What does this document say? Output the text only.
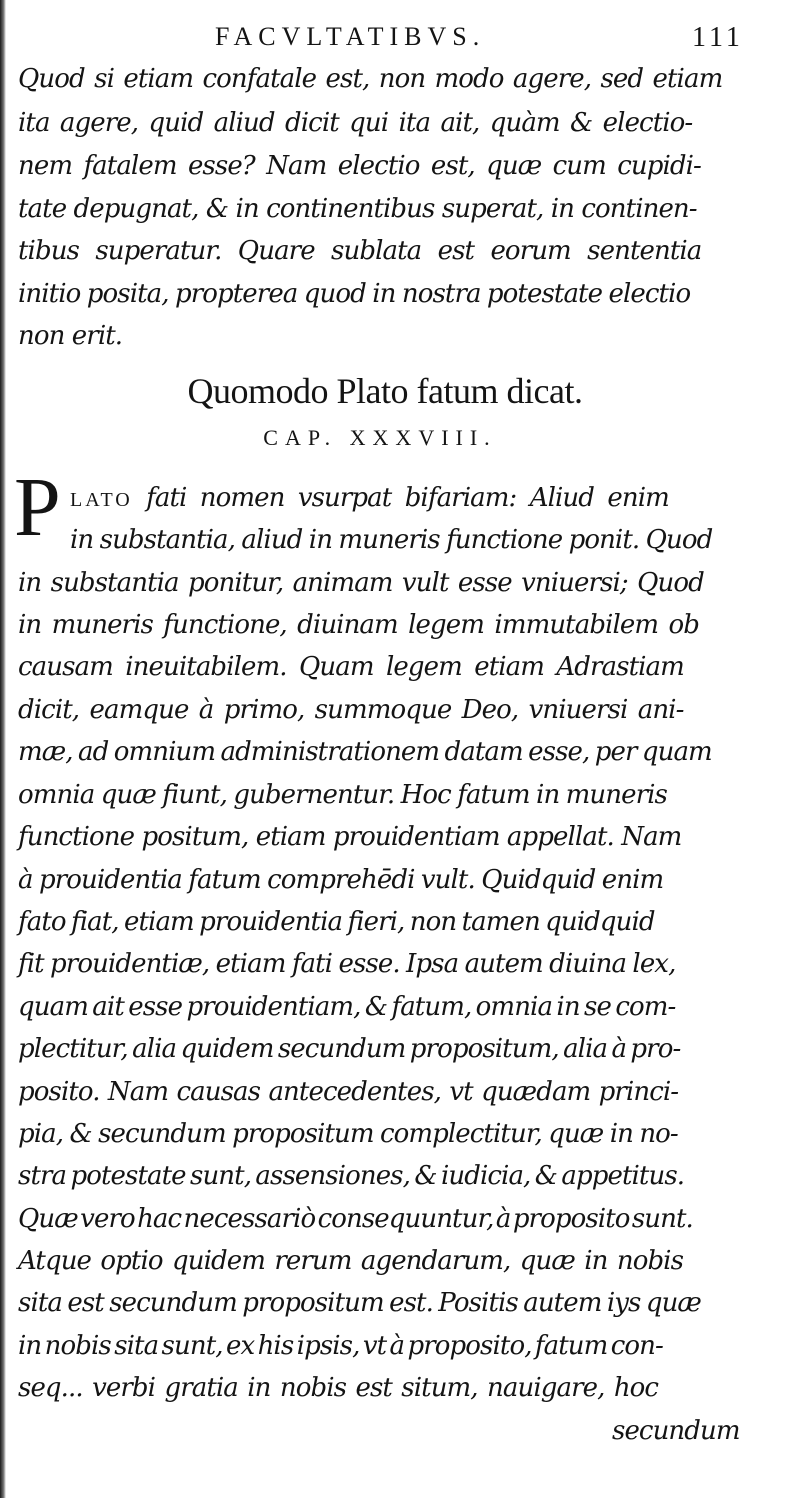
FACVLTATIBVS.	111
Quod si etiam confatale est, non modo agere, sed etiam
ita agere, quid aliud dicit qui ita ait, quàm & electio-
nem fatalem esse? Nam electio est, quæ cum cupidi-
tate depugnat, & in continentibus superat, in continen-
tibus superatur. Quare sublata est eorum sententia
initio posita, propterea quod in nostra potestate electio
non erit.
Quomodo Plato fatum dicat.
CAP. XXXVIII.
P LATO fati nomen vsurpat bifariam: Aliud enim
in substantia, aliud in muneris functione ponit. Quod
in substantia ponitur, animam vult esse vniuersi; Quod
in muneris functione, diuinam legem immutabilem ob
causam ineuitabilem. Quam legem etiam Adrastiam
dicit, eamque à primo, summoque Deo, vniuersi ani-
mæ, ad omnium administrationem datam esse, per quam
omnia quæ fiunt, gubernentur. Hoc fatum in muneris
functione positum, etiam prouidentiam appellat. Nam
à prouidentia fatum comprehēdi vult. Quidquid enim
fato fiat, etiam prouidentia fieri, non tamen quidquid
fit prouidentiæ, etiam fati esse. Ipsa autem diuina lex,
quam ait esse prouidentiam, & fatum, omnia in se com-
plectitur, alia quidem secundum propositum, alia à pro-
posito. Nam causas antecedentes, vt quædam princi-
pia, & secundum propositum complectitur, quæ in no-
stra potestate sunt, assensiones, & iudicia, & appetitus.
Quæ vero hac necessariò consequuntur, à proposito sunt.
Atque optio quidem rerum agendarum, quæ in nobis
sita est secundum propositum est. Positis autem iys quæ
in nobis sita sunt, ex his ipsis, vt à proposito, fatum con-
seq... verbi gratia in nobis est situm, nauigare, hoc
secundum
